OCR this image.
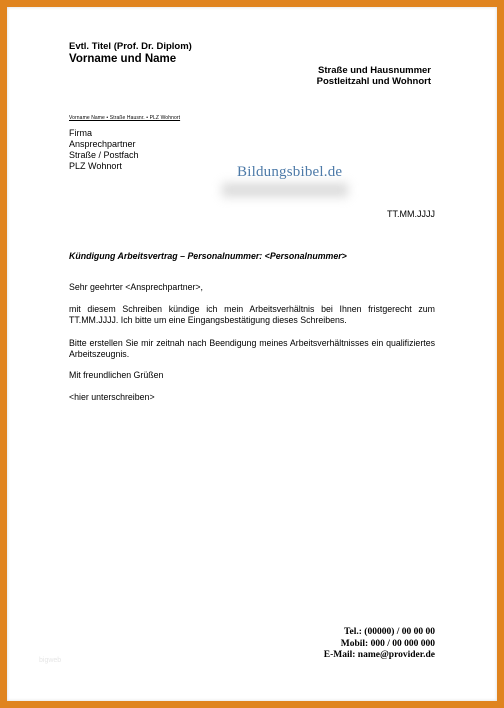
Evtl. Titel (Prof. Dr. Diplom)
Vorname und Name
Straße und Hausnummer
Postleitzahl und Wohnort
Vorname Name • Straße Hausnr. • PLZ Wohnort
Firma
Ansprechpartner
Straße / Postfach
PLZ Wohnort	Bildungsbibel.de
TT.MM.JJJJ
Kündigung Arbeitsvertrag – Personalnummer: <Personalnummer>
Sehr geehrter <Ansprechpartner>,
mit diesem Schreiben kündige ich mein Arbeitsverhältnis bei Ihnen fristgerecht zum TT.MM.JJJJ. Ich bitte um eine Eingangsbestätigung dieses Schreibens.
Bitte erstellen Sie mir zeitnah nach Beendigung meines Arbeitsverhältnisses ein qualifiziertes Arbeitszeugnis.
Mit freundlichen Grüßen
<hier unterschreiben>
Tel.: (00000) / 00 00 00
Mobil: 000 / 00 000 000
E-Mail: name@provider.de
bigweb
